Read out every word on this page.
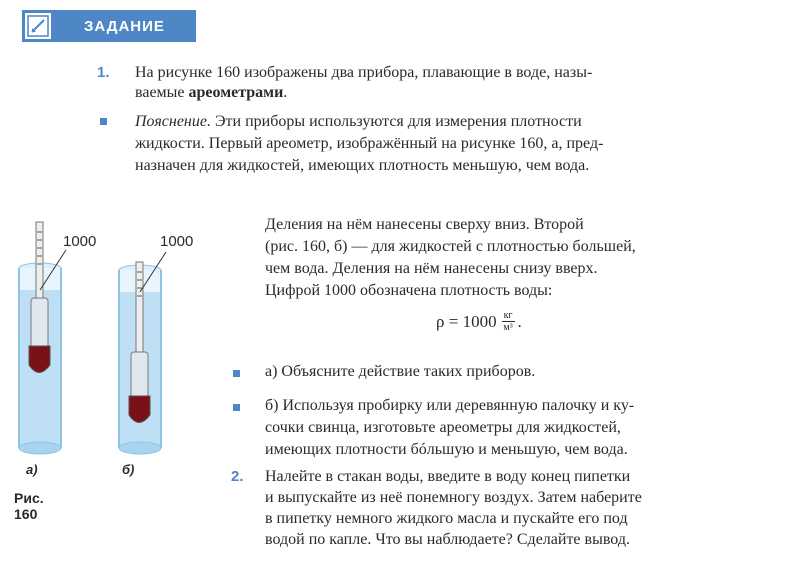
ЗАДАНИЕ
1. На рисунке 160 изображены два прибора, плавающие в воде, назы-
ваемые ареометрами.
Пояснение. Эти приборы используются для измерения плотности
жидкости. Первый ареометр, изображённый на рисунке 160, а, пред-
назначен для жидкостей, имеющих плотность меньшую, чем вода.
Деления на нём нанесены сверху вниз. Второй
(рис. 160, б) — для жидкостей с плотностью большей,
чем вода. Деления на нём нанесены снизу вверх.
Цифрой 1000 обозначена плотность воды:
$\rho = 1000 \frac{кг}{\text{м³}}$ .
а) Объясните действие таких приборов.
б) Используя пробирку или деревянную палочку и ку-
сочки свинца, изготовьте ареометры для жидкостей,
имеющих плотности бóльшую и меньшую, чем вода.
2. Налейте в стакан воды, введите в воду конец пипетки
и выпускайте из неё понемногу воздух. Затем наберите
в пипетку немного жидкого масла и пускайте его под
водой по капле. Что вы наблюдаете? Сделайте вывод.
1000	1000
а)	б)
Рис. 160
